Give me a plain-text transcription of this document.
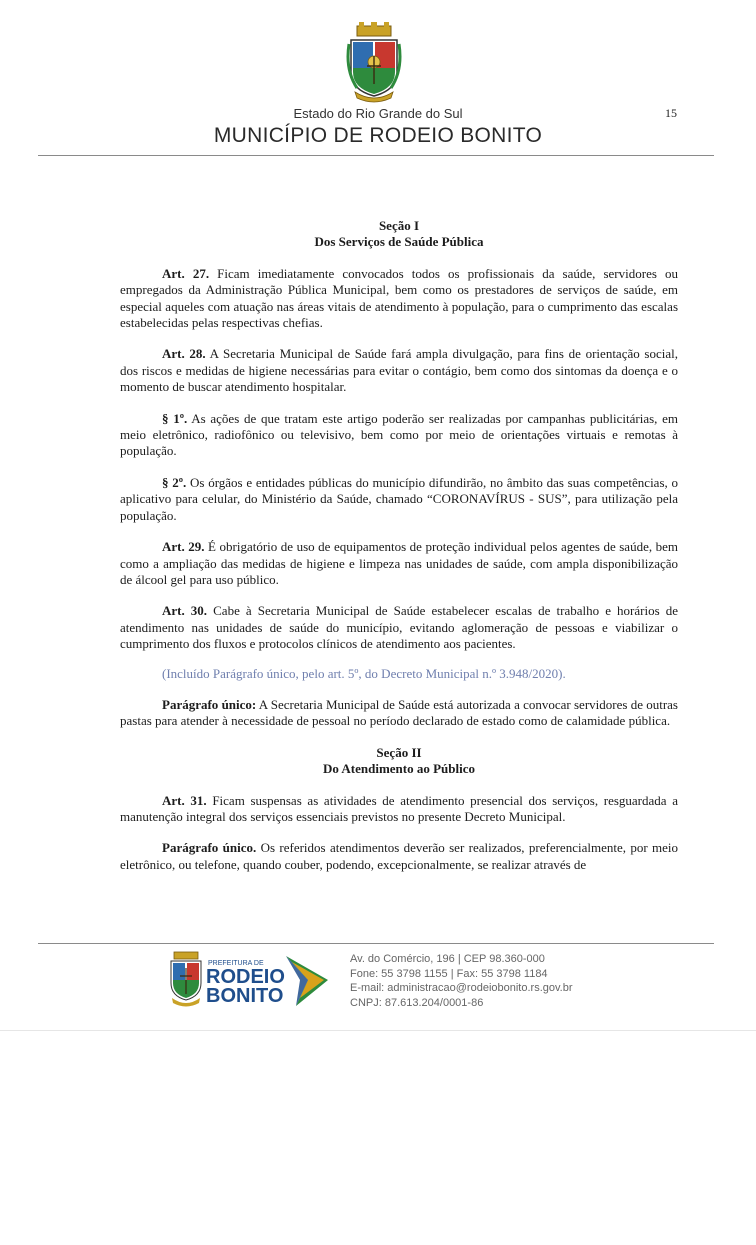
Estado do Rio Grande do Sul
MUNICÍPIO DE RODEIO BONITO
15
Seção I
Dos Serviços de Saúde Pública

Art. 27. Ficam imediatamente convocados todos os profissionais da saúde, servidores ou empregados da Administração Pública Municipal, bem como os prestadores de serviços de saúde, em especial aqueles com atuação nas áreas vitais de atendimento à população, para o cumprimento das escalas estabelecidas pelas respectivas chefias.

Art. 28. A Secretaria Municipal de Saúde fará ampla divulgação, para fins de orientação social, dos riscos e medidas de higiene necessárias para evitar o contágio, bem como dos sintomas da doença e o momento de buscar atendimento hospitalar.

§ 1º. As ações de que tratam este artigo poderão ser realizadas por campanhas publicitárias, em meio eletrônico, radiofônico ou televisivo, bem como por meio de orientações virtuais e remotas à população.

§ 2º. Os órgãos e entidades públicas do município difundirão, no âmbito das suas competências, o aplicativo para celular, do Ministério da Saúde, chamado “CORONAVÍRUS - SUS”, para utilização pela população.

Art. 29. É obrigatório de uso de equipamentos de proteção individual pelos agentes de saúde, bem como a ampliação das medidas de higiene e limpeza nas unidades de saúde, com ampla disponibilização de álcool gel para uso público.

Art. 30. Cabe à Secretaria Municipal de Saúde estabelecer escalas de trabalho e horários de atendimento nas unidades de saúde do município, evitando aglomeração de pessoas e viabilizar o cumprimento dos fluxos e protocolos clínicos de atendimento aos pacientes.

(Incluído Parágrafo único, pelo art. 5º, do Decreto Municipal n.º 3.948/2020).

Parágrafo único: A Secretaria Municipal de Saúde está autorizada a convocar servidores de outras pastas para atender à necessidade de pessoal no período declarado de estado como de calamidade pública.

Seção II
Do Atendimento ao Público

Art. 31. Ficam suspensas as atividades de atendimento presencial dos serviços, resguardada a manutenção integral dos serviços essenciais previstos no presente Decreto Municipal.

Parágrafo único. Os referidos atendimentos deverão ser realizados, preferencialmente, por meio eletrônico, ou telefone, quando couber, podendo, excepcionalmente, se realizar através de

PREFEITURA DE
RODEIO
BONITO
Av. do Comércio, 196 | CEP 98.360-000
Fone: 55 3798 1155 | Fax: 55 3798 1184
E-mail: administracao@rodeiobonito.rs.gov.br
CNPJ: 87.613.204/0001-86
